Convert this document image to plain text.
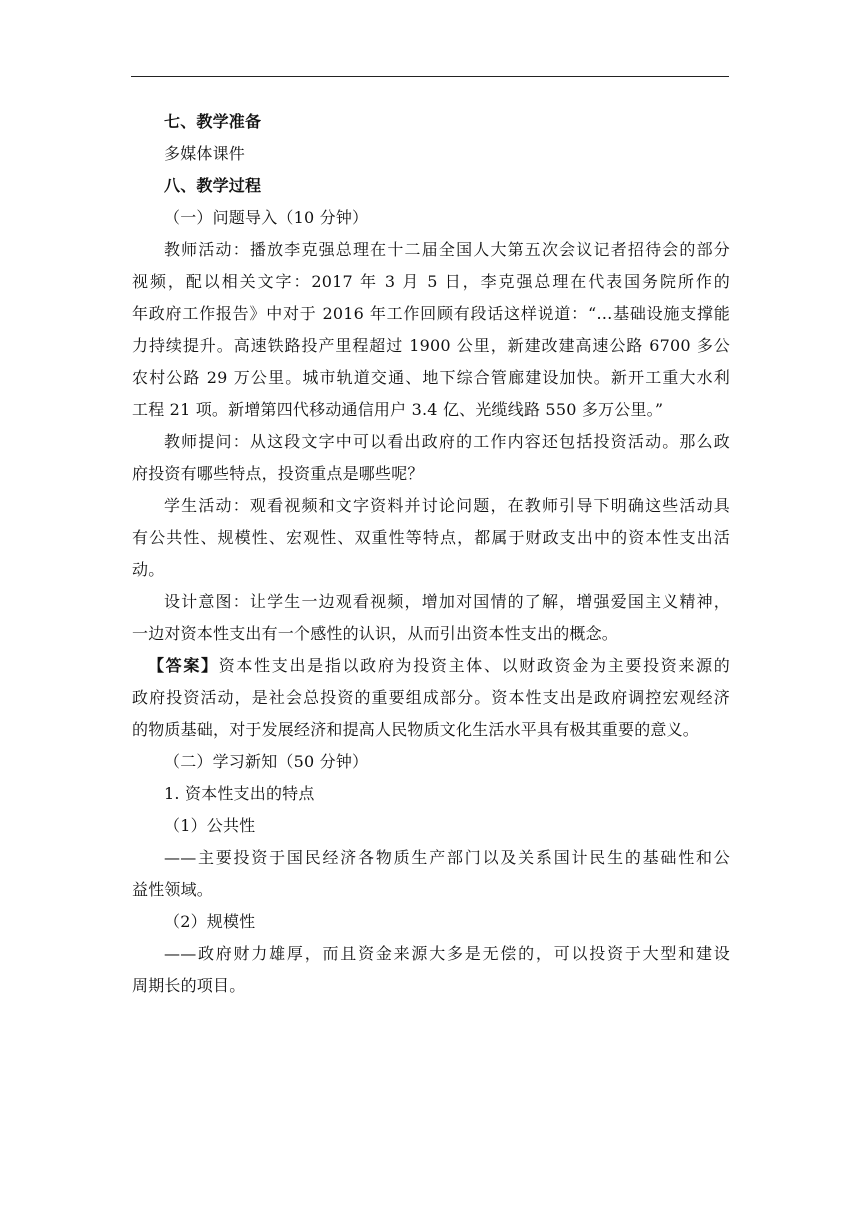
七、教学准备
多媒体课件
八、教学过程
（一）问题导入（10 分钟）
教师活动：播放李克强总理在十二届全国人大第五次会议记者招待会的部分
视频，配以相关文字：2017 年 3 月 5 日，李克强总理在代表国务院所作的
年政府工作报告》中对于 2016 年工作回顾有段话这样说道：“…基础设施支撑能
力持续提升。高速铁路投产里程超过 1900 公里，新建改建高速公路 6700 多公
农村公路 29 万公里。城市轨道交通、地下综合管廊建设加快。新开工重大水利
工程 21 项。新增第四代移动通信用户 3.4 亿、光缆线路 550 多万公里。”
教师提问：从这段文字中可以看出政府的工作内容还包括投资活动。那么政
府投资有哪些特点，投资重点是哪些呢？
学生活动：观看视频和文字资料并讨论问题，在教师引导下明确这些活动具
有公共性、规模性、宏观性、双重性等特点，都属于财政支出中的资本性支出活
动。
设计意图：让学生一边观看视频，增加对国情的了解，增强爱国主义精神，
一边对资本性支出有一个感性的认识，从而引出资本性支出的概念。
【答案】资本性支出是指以政府为投资主体、以财政资金为主要投资来源的
政府投资活动，是社会总投资的重要组成部分。资本性支出是政府调控宏观经济
的物质基础，对于发展经济和提高人民物质文化生活水平具有极其重要的意义。
（二）学习新知（50 分钟）
1. 资本性支出的特点
（1）公共性
——主要投资于国民经济各物质生产部门以及关系国计民生的基础性和公
益性领域。
（2）规模性
——政府财力雄厚，而且资金来源大多是无偿的，可以投资于大型和建设
周期长的项目。
